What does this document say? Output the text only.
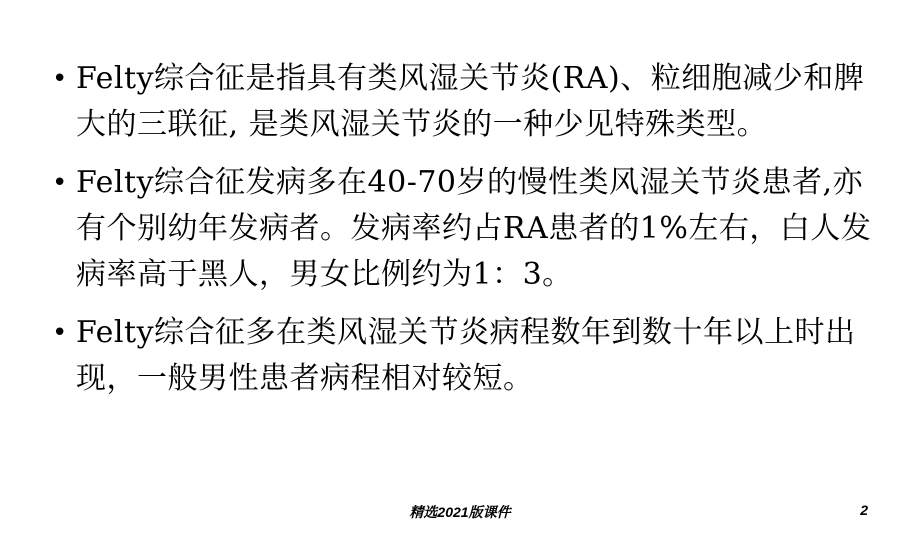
• Felty综合征是指具有类风湿关节炎(RA)、粒细胞减少和脾大的三联征, 是类风湿关节炎的一种少见特殊类型。
• Felty综合征发病多在40-70岁的慢性类风湿关节炎患者,亦有个别幼年发病者。发病率约占RA患者的1%左右，白人发病率高于黑人，男女比例约为1：3。
• Felty综合征多在类风湿关节炎病程数年到数十年以上时出现，一般男性患者病程相对较短。
精选2021版课件	2
